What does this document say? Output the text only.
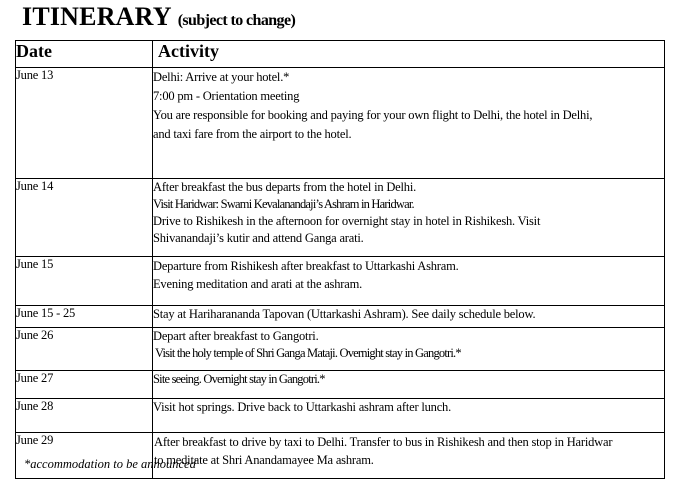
ITINERARY (subject to change)
Date	Activity
June 13	Delhi: Arrive at your hotel.*
7:00 pm - Orientation meeting
You are responsible for booking and paying for your own flight to Delhi, the hotel in Delhi,
and taxi fare from the airport to the hotel.

June 14	After breakfast the bus departs from the hotel in Delhi.
Visit Haridwar: Swami Kevalanandaji’s Ashram in Haridwar.
Drive to Rishikesh in the afternoon for overnight stay in hotel in Rishikesh. Visit
Shivanandaji’s kutir and attend Ganga arati.

June 15	Departure from Rishikesh after breakfast to Uttarkashi Ashram.
Evening meditation and arati at the ashram.

June 15 - 25	Stay at Hariharananda Tapovan (Uttarkashi Ashram). See daily schedule below.

June 26	Depart after breakfast to Gangotri.
Visit the holy temple of Shri Ganga Mataji. Overnight stay in Gangotri.*

June 27	Site seeing. Overnight stay in Gangotri.*

June 28	Visit hot springs. Drive back to Uttarkashi ashram after lunch.

June 29	After breakfast to drive by taxi to Delhi. Transfer to bus in Rishikesh and then stop in Haridwar
to meditate at Shri Anandamayee Ma ashram.
*accommodation to be announced
